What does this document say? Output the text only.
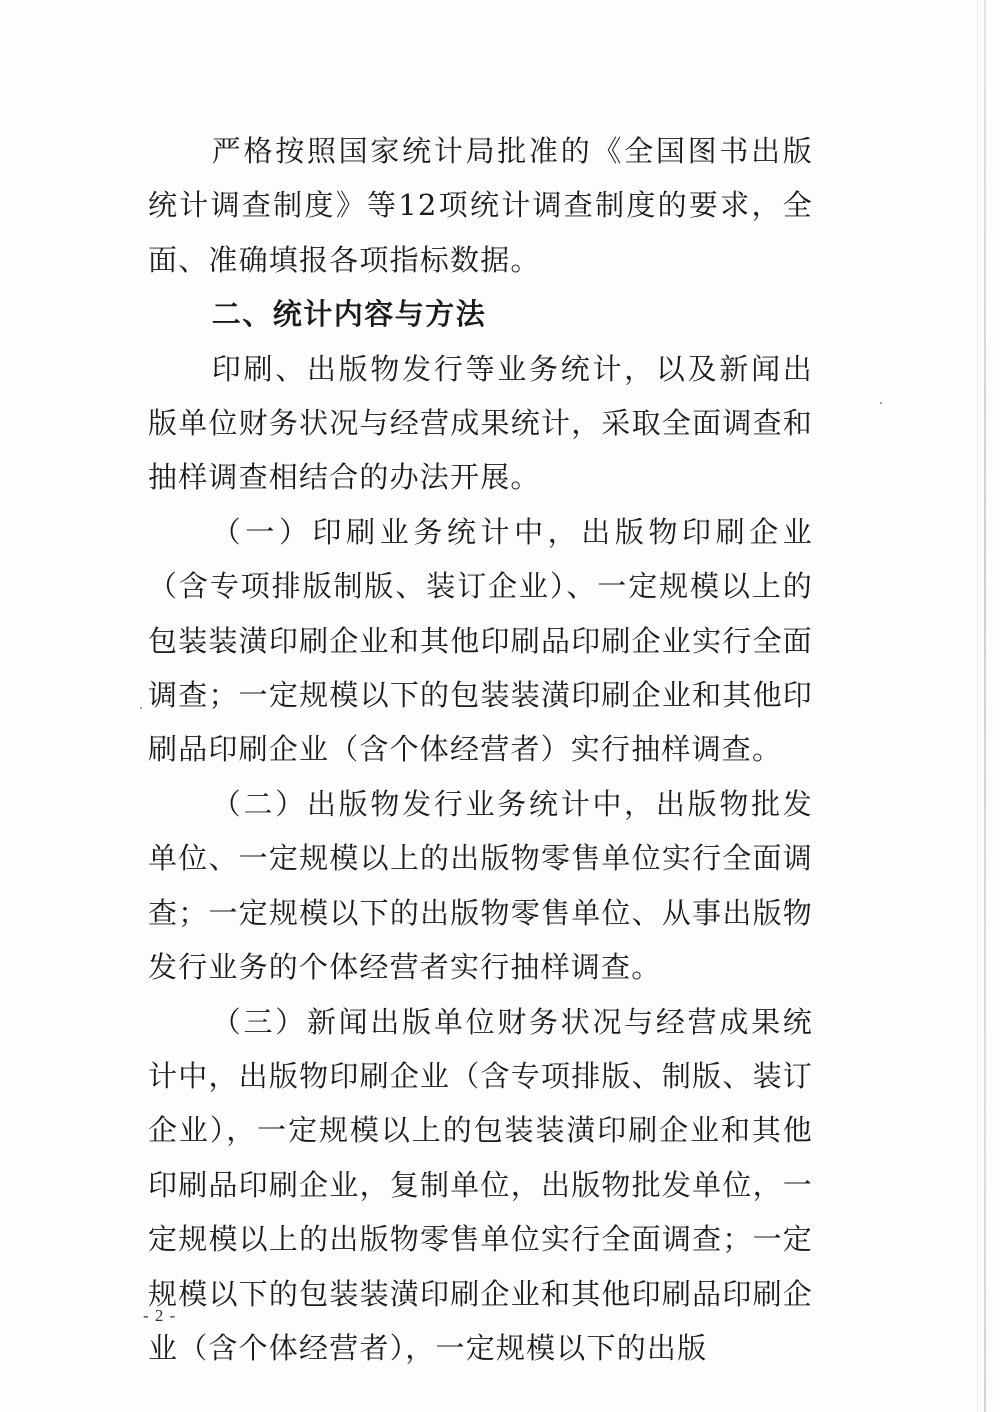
严格按照国家统计局批准的《全国图书出版统计调查制度》等12项统计调查制度的要求，全面、准确填报各项指标数据。

二、统计内容与方法

印刷、出版物发行等业务统计，以及新闻出版单位财务状况与经营成果统计，采取全面调查和抽样调查相结合的办法开展。

（一）印刷业务统计中，出版物印刷企业（含专项排版制版、装订企业）、一定规模以上的包装装潢印刷企业和其他印刷品印刷企业实行全面调查；一定规模以下的包装装潢印刷企业和其他印刷品印刷企业（含个体经营者）实行抽样调查。

（二）出版物发行业务统计中，出版物批发单位、一定规模以上的出版物零售单位实行全面调查；一定规模以下的出版物零售单位、从事出版物发行业务的个体经营者实行抽样调查。

（三）新闻出版单位财务状况与经营成果统计中，出版物印刷企业（含专项排版、制版、装订企业），一定规模以上的包装装潢印刷企业和其他印刷品印刷企业，复制单位，出版物批发单位，一定规模以上的出版物零售单位实行全面调查；一定规模以下的包装装潢印刷企业和其他印刷品印刷企业（含个体经营者），一定规模以下的出版

- 2 -
